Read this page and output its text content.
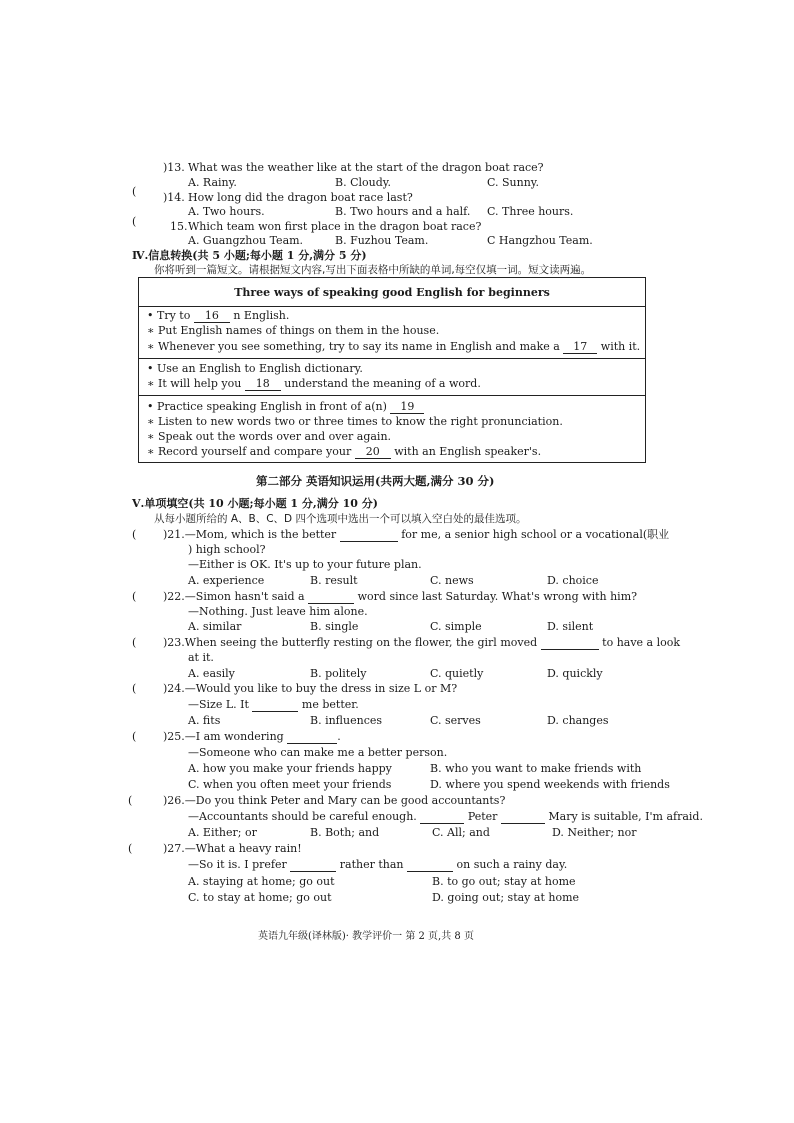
)13. What was the weather like at the start of the dragon boat race?
A. Rainy.	B. Cloudy.	C. Sunny.
( )14. How long did the dragon boat race last?
A. Two hours.	B. Two hours and a half. C. Three hours.
(	15. Which team won first place in the dragon boat race?
A. Guangzhou Team.	B. Fuzhou Team.	C Hangzhou Team.
Ⅳ.信息转换(共 5 小题;每小题 1 分,满分 5 分)
你将听到一篇短文。请根据短文内容,写出下面表格中所缺的单词,每空仅填一词。短文读两遍。
Three ways of speaking good English for beginners
• Try to 16 n English.
∗ Put English names of things on them in the house.
∗ Whenever you see something, try to say its name in English and make a 17 with it.
• Use an English to English dictionary.
∗ It will help you 18 understand the meaning of a word.
• Practice speaking English in front of a(n) 19
∗ Listen to new words two or three times to know the right pronunciation.
∗ Speak out the words over and over again.
∗ Record yourself and compare your 20 with an English speaker's.
第二部分 英语知识运用(共两大题,满分 30 分)
Ⅴ.单项填空(共 10 小题;每小题 1 分,满分 10 分)
从每小题所给的 A、B、C、D 四个选项中选出一个可以填入空白处的最佳选项。
( )21.—Mom, which is the better	for me, a senior high school or a vocational(职业
) high school?
—Either is OK. It's up to your future plan.
A. experience	B. result	C. news	D. choice
( )22.—Simon hasn't said a	word since last Saturday. What's wrong with him?
—Nothing. Just leave him alone.
A. similar	B. single	C. simple	D. silent
( )23.When seeing the butterfly resting on the flower, the girl moved	to have a look
at it.
A. easily	B. politely	C. quietly	D. quickly
( )24.—Would you like to buy the dress in size L or M?
—Size L. It	me better.
A. fits	B. influences	C. serves	D. changes
( )25.—I am wondering	.
—Someone who can make me a better person.
A. how you make your friends happy	B. who you want to make friends with
C. when you often meet your friends	D. where you spend weekends with friends
(	)26.—Do you think Peter and Mary can be good accountants?
—Accountants should be careful enough.	Peter	Mary is suitable, I'm afraid.
A. Either; or	B. Both; and	C. All; and	D. Neither; nor
(	)27.—What a heavy rain!
—So it is. I prefer	rather than	on such a rainy day.
A. staying at home; go out	B. to go out; stay at home
C. to stay at home; go out	D. going out; stay at home
英语九年级(译林版)· 教学评价一 第 2 页,共 8 页
